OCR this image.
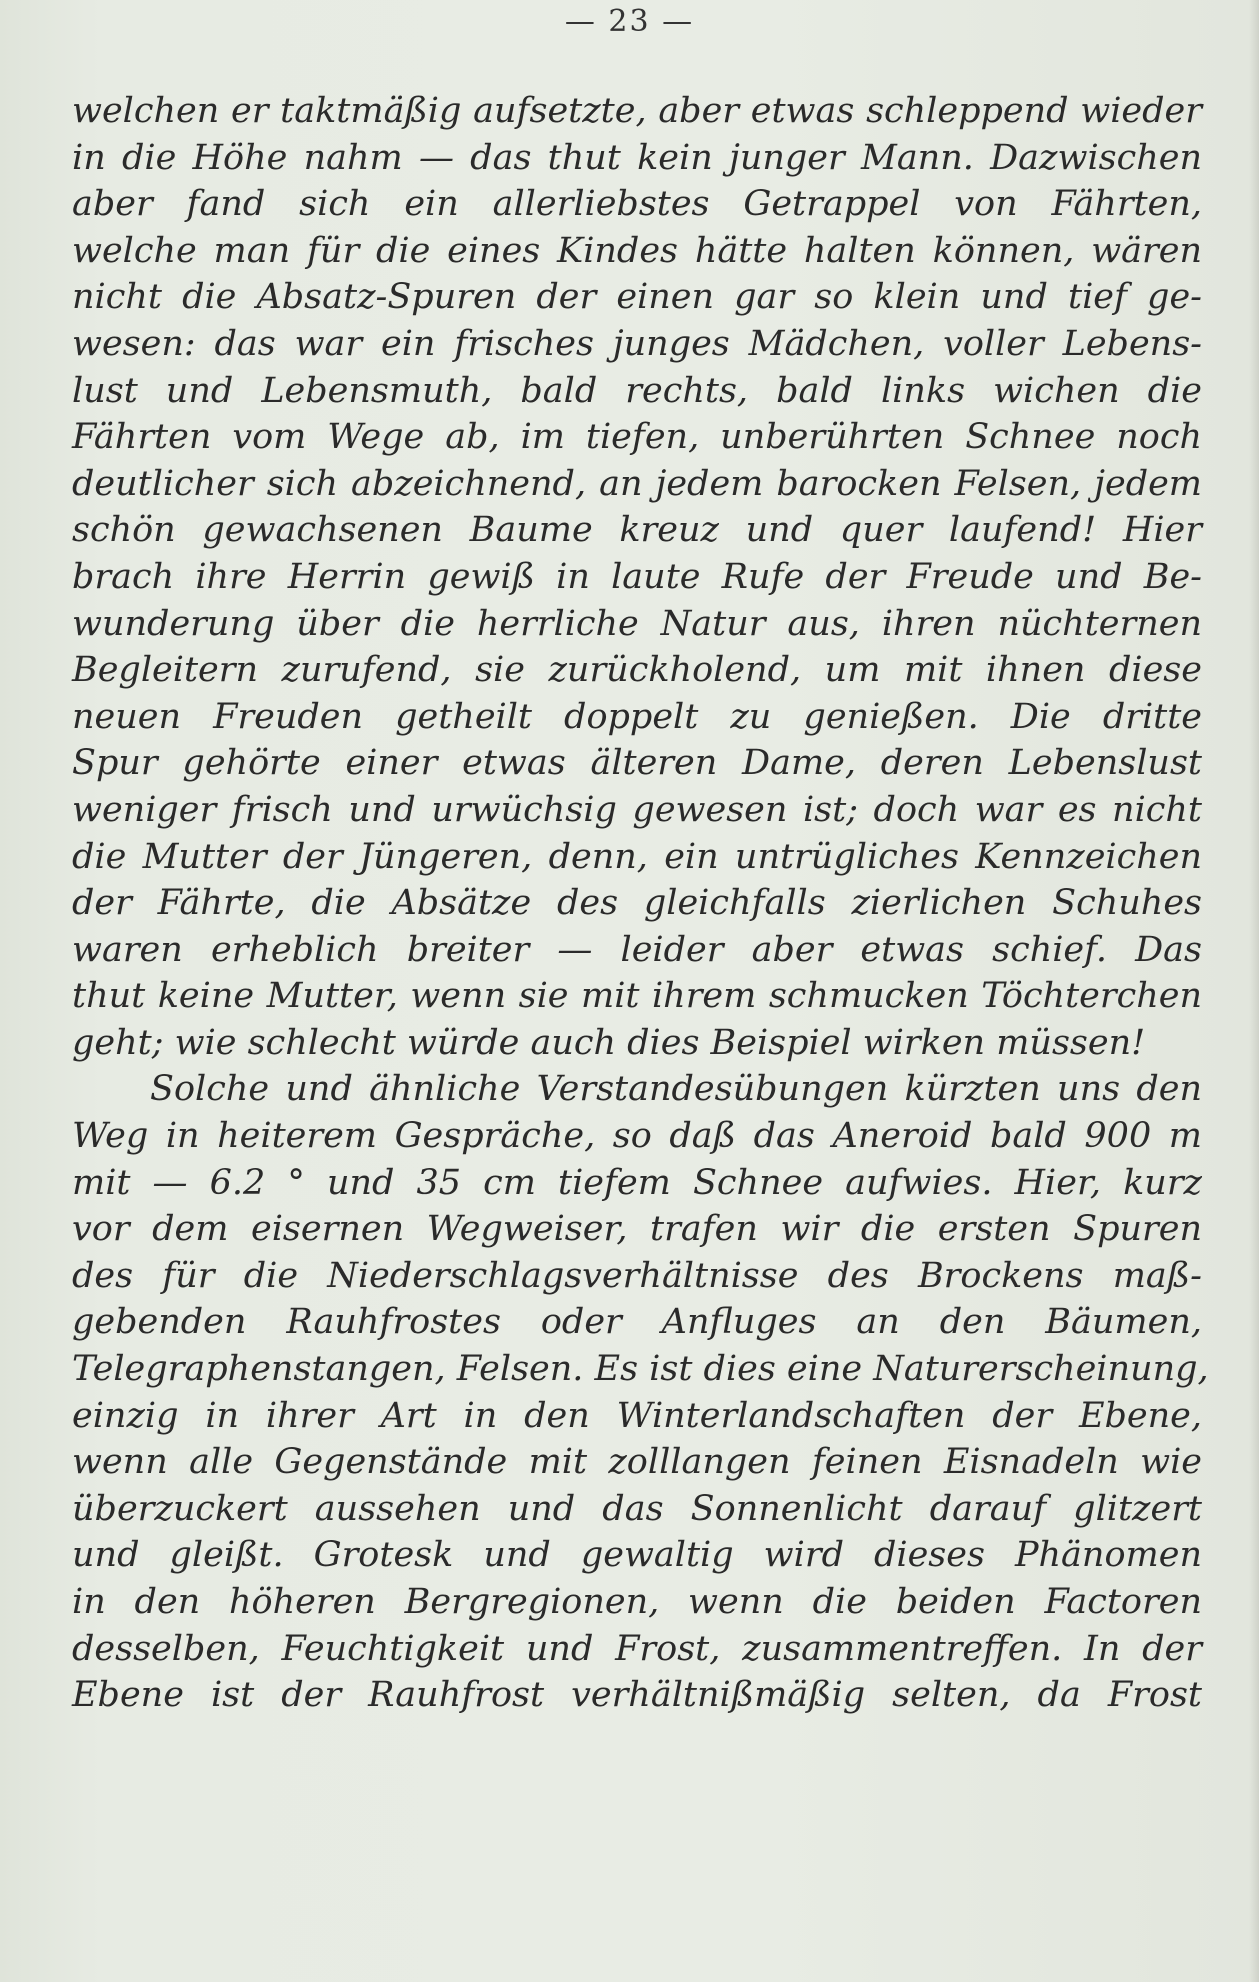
— 23 —
welchen er taktmäßig aufsetzte, aber etwas schleppend wieder
in die Höhe nahm — das thut kein junger Mann. Dazwischen
aber fand sich ein allerliebstes Getrappel von Fährten,
welche man für die eines Kindes hätte halten können, wären
nicht die Absatz-Spuren der einen gar so klein und tief ge-
wesen: das war ein frisches junges Mädchen, voller Lebens-
lust und Lebensmuth, bald rechts, bald links wichen die
Fährten vom Wege ab, im tiefen, unberührten Schnee noch
deutlicher sich abzeichnend, an jedem barocken Felsen, jedem
schön gewachsenen Baume kreuz und quer laufend! Hier
brach ihre Herrin gewiß in laute Rufe der Freude und Be-
wunderung über die herrliche Natur aus, ihren nüchternen
Begleitern zurufend, sie zurückholend, um mit ihnen diese
neuen Freuden getheilt doppelt zu genießen. Die dritte
Spur gehörte einer etwas älteren Dame, deren Lebenslust
weniger frisch und urwüchsig gewesen ist; doch war es nicht
die Mutter der Jüngeren, denn, ein untrügliches Kennzeichen
der Fährte, die Absätze des gleichfalls zierlichen Schuhes
waren erheblich breiter — leider aber etwas schief. Das
thut keine Mutter, wenn sie mit ihrem schmucken Töchterchen
geht; wie schlecht würde auch dies Beispiel wirken müssen!
Solche und ähnliche Verstandesübungen kürzten uns den
Weg in heiterem Gespräche, so daß das Aneroid bald 900 m
mit — 6.2 ° und 35 cm tiefem Schnee aufwies. Hier, kurz
vor dem eisernen Wegweiser, trafen wir die ersten Spuren
des für die Niederschlagsverhältnisse des Brockens maß-
gebenden Rauhfrostes oder Anfluges an den Bäumen,
Telegraphenstangen, Felsen. Es ist dies eine Naturerscheinung,
einzig in ihrer Art in den Winterlandschaften der Ebene,
wenn alle Gegenstände mit zolllangen feinen Eisnadeln wie
überzuckert aussehen und das Sonnenlicht darauf glitzert
und gleißt. Grotesk und gewaltig wird dieses Phänomen
in den höheren Bergregionen, wenn die beiden Factoren
desselben, Feuchtigkeit und Frost, zusammentreffen. In der
Ebene ist der Rauhfrost verhältnißmäßig selten, da Frost
